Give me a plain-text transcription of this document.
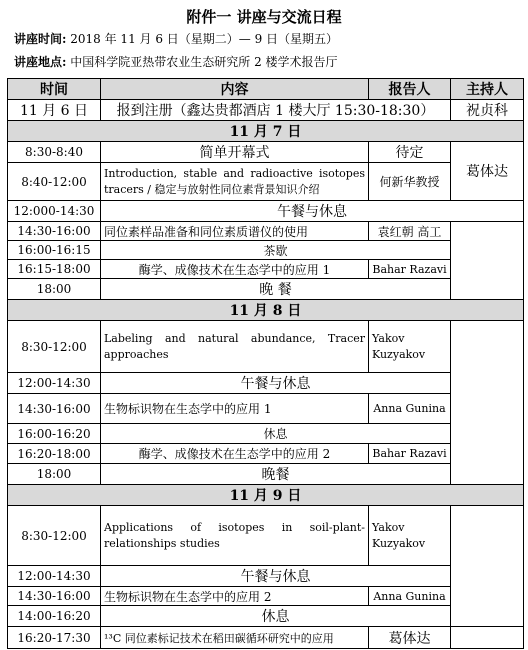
附件一 讲座与交流日程
讲座时间: 2018 年 11 月 6 日（星期二）— 9 日（星期五）
讲座地点: 中国科学院亚热带农业生态研究所 2 楼学术报告厅
时间	内容	报告人	主持人
11 月 6 日	报到注册（鑫达贵都酒店 1 楼大厅 15:30-18:30）		祝贞科
11 月 7 日			
8:30-8:40	简单开幕式	待定	葛体达
8:40-12:00	Introduction, stable and radioactive isotopes tracers / 稳定与放射性同位素背景知识介绍	何新华教授	
12:000-14:30	午餐与休息		
14:30-16:00	同位素样品准备和同位素质谱仪的使用	袁红朝 高工	
16:00-16:15	茶歇		
16:15-18:00	酶学、成像技术在生态学中的应用 1	Bahar Razavi	
18:00	晚 餐		
11 月 8 日			
8:30-12:00	Labeling and natural abundance, Tracer approaches	Yakov Kuzyakov	
12:00-14:30	午餐与休息		
14:30-16:00	生物标识物在生态学中的应用 1	Anna Gunina	
16:00-16:20	休息		
16:20-18:00	酶学、成像技术在生态学中的应用 2	Bahar Razavi	
18:00	晚餐		
11 月 9 日			
8:30-12:00	Applications of isotopes in soil-plant-relationships studies	Yakov Kuzyakov	
12:00-14:30	午餐与休息		
14:30-16:00	生物标识物在生态学中的应用 2	Anna Gunina	
14:00-16:20	休息		
16:20-17:30	¹³C 同位素标记技术在稻田碳循环研究中的应用	葛体达	
